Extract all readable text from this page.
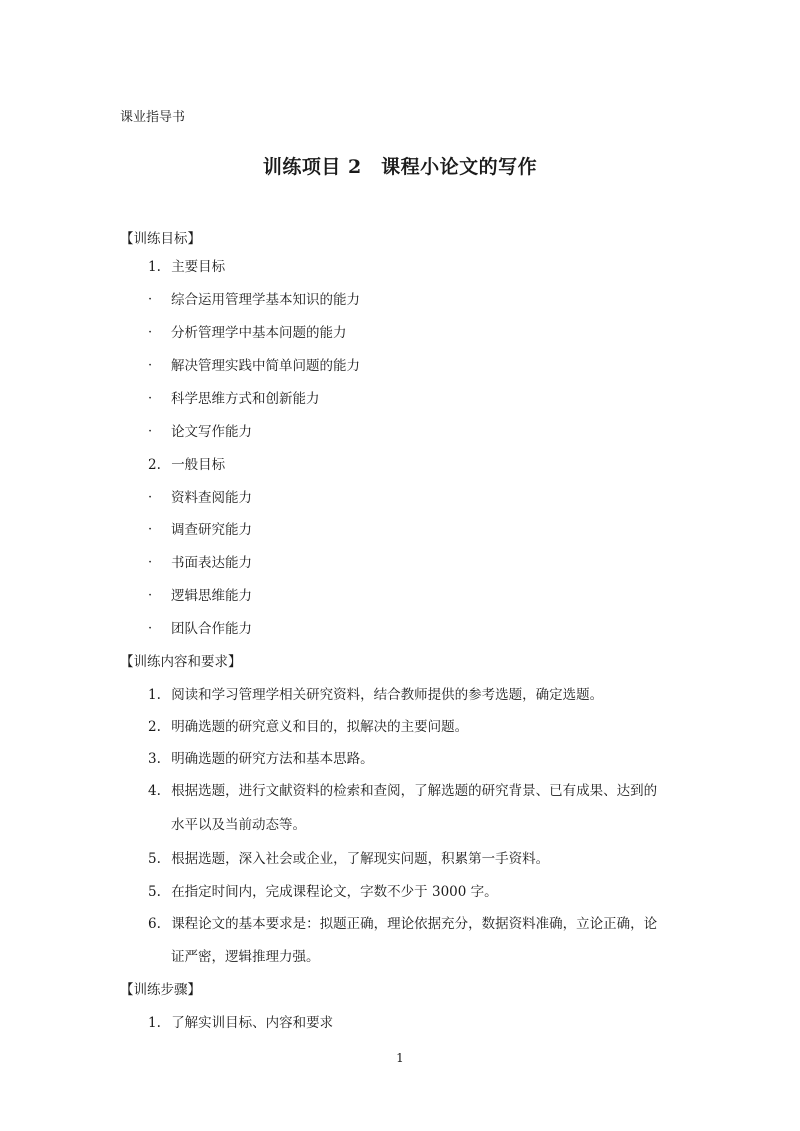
课业指导书
训练项目 2　课程小论文的写作
【训练目标】
1. 主要目标
· 综合运用管理学基本知识的能力
· 分析管理学中基本问题的能力
· 解决管理实践中简单问题的能力
· 科学思维方式和创新能力
· 论文写作能力
2. 一般目标
· 资料查阅能力
· 调查研究能力
· 书面表达能力
· 逻辑思维能力
· 团队合作能力
【训练内容和要求】
1. 阅读和学习管理学相关研究资料，结合教师提供的参考选题，确定选题。
2. 明确选题的研究意义和目的，拟解决的主要问题。
3. 明确选题的研究方法和基本思路。
4. 根据选题，进行文献资料的检索和查阅，了解选题的研究背景、已有成果、达到的
水平以及当前动态等。
5. 根据选题，深入社会或企业，了解现实问题，积累第一手资料。
5. 在指定时间内，完成课程论文，字数不少于 3000 字。
6. 课程论文的基本要求是：拟题正确，理论依据充分，数据资料准确，立论正确，论
证严密，逻辑推理力强。
【训练步骤】
1. 了解实训目标、内容和要求
1
